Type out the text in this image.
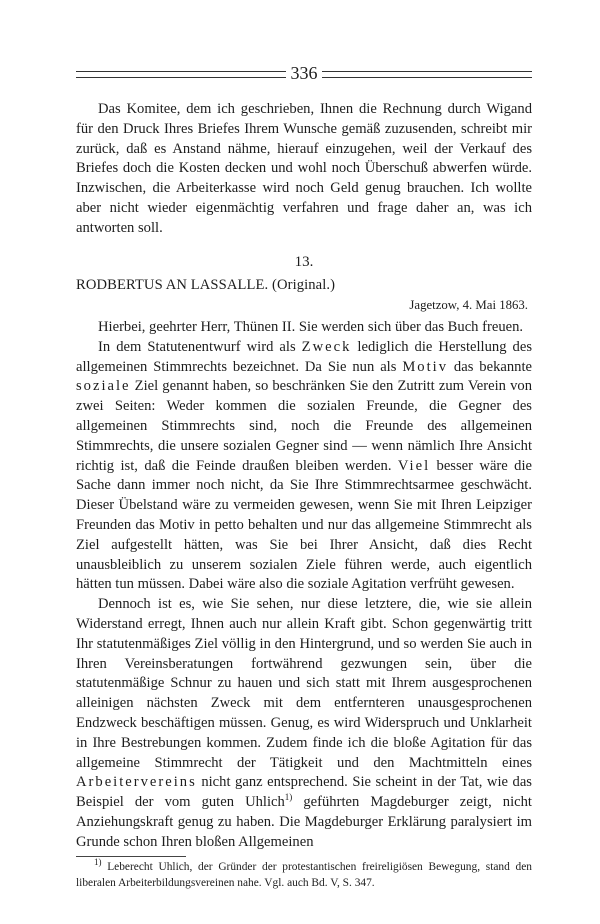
336

Das Komitee, dem ich geschrieben, Ihnen die Rechnung durch Wigand für den Druck Ihres Briefes Ihrem Wunsche gemäß zuzusenden, schreibt mir zurück, daß es Anstand nähme, hierauf einzugehen, weil der Verkauf des Briefes doch die Kosten decken und wohl noch Überschuß abwerfen würde. Inzwischen, die Arbeiterkasse wird noch Geld genug brauchen. Ich wollte aber nicht wieder eigenmächtig verfahren und frage daher an, was ich antworten soll.

13.

RODBERTUS AN LASSALLE. (Original.)

Jagetzow, 4. Mai 1863.

Hierbei, geehrter Herr, Thünen II. Sie werden sich über das Buch freuen.

In dem Statutenentwurf wird als Zweck lediglich die Herstellung des allgemeinen Stimmrechts bezeichnet. Da Sie nun als Motiv das bekannte soziale Ziel genannt haben, so beschränken Sie den Zutritt zum Verein von zwei Seiten: Weder kommen die sozialen Freunde, die Gegner des allgemeinen Stimmrechts sind, noch die Freunde des allgemeinen Stimmrechts, die unsere sozialen Gegner sind — wenn nämlich Ihre Ansicht richtig ist, daß die Feinde draußen bleiben werden. Viel besser wäre die Sache dann immer noch nicht, da Sie Ihre Stimmrechtsarmee geschwächt. Dieser Übelstand wäre zu vermeiden gewesen, wenn Sie mit Ihren Leipziger Freunden das Motiv in petto behalten und nur das allgemeine Stimmrecht als Ziel aufgestellt hätten, was Sie bei Ihrer Ansicht, daß dies Recht unausbleiblich zu unserem sozialen Ziele führen werde, auch eigentlich hätten tun müssen. Dabei wäre also die soziale Agitation verfrüht gewesen.

Dennoch ist es, wie Sie sehen, nur diese letztere, die, wie sie allein Widerstand erregt, Ihnen auch nur allein Kraft gibt. Schon gegenwärtig tritt Ihr statutenmäßiges Ziel völlig in den Hintergrund, und so werden Sie auch in Ihren Vereinsberatungen fortwährend gezwungen sein, über die statutenmäßige Schnur zu hauen und sich statt mit Ihrem ausgesprochenen alleinigen nächsten Zweck mit dem entfernteren unausgesprochenen Endzweck beschäftigen müssen. Genug, es wird Widerspruch und Unklarheit in Ihre Bestrebungen kommen. Zudem finde ich die bloße Agitation für das allgemeine Stimmrecht der Tätigkeit und den Machtmitteln eines Arbeitervereins nicht ganz entsprechend. Sie scheint in der Tat, wie das Beispiel der vom guten Uhlich$^{1)}$ geführten Magdeburger zeigt, nicht Anziehungskraft genug zu haben. Die Magdeburger Erklärung paralysiert im Grunde schon Ihren bloßen Allgemeinen

$^{1)}$ Leberecht Uhlich, der Gründer der protestantischen freireligiösen Bewegung, stand den liberalen Arbeiterbildungsvereinen nahe. Vgl. auch Bd. V, S. 347.
